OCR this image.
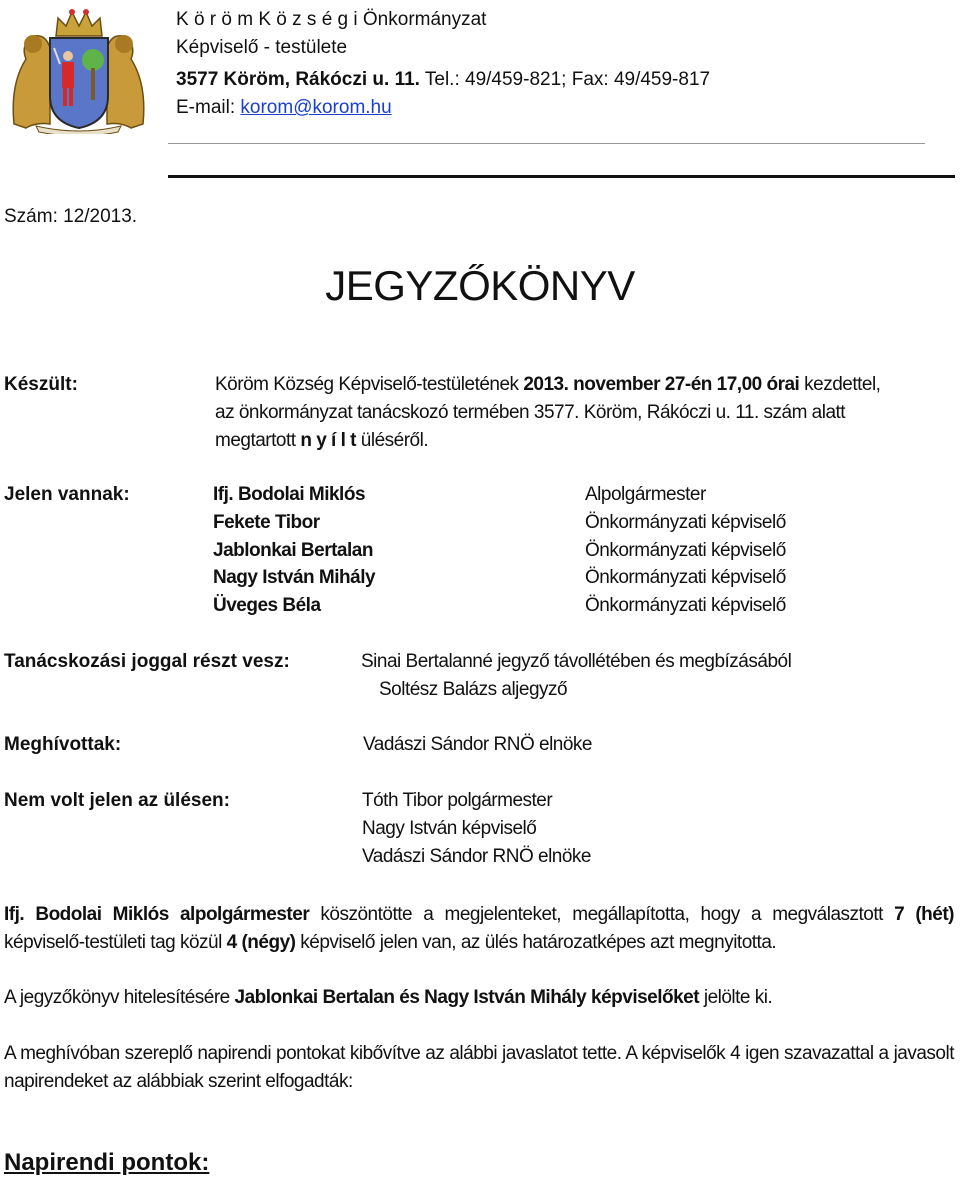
K ö r ö m K ö z s é g i Önkormányzat
Képviselő - testülete
3577 Köröm, Rákóczi u. 11. Tel.: 49/459-821; Fax: 49/459-817
E-mail: korom@korom.hu
Szám: 12/2013.
JEGYZŐKÖNYV
Készült:	Köröm Község Képviselő-testületének 2013. november 27-én 17,00 órai kezdettel,
az önkormányzat tanácskozó termében 3577. Köröm, Rákóczi u. 11. szám alatt
megtartott n y í l t üléséről.
Jelen vannak:	Ifj. Bodolai Miklós	Alpolgármester
Fekete Tibor	Önkormányzati képviselő
Jablonkai Bertalan	Önkormányzati képviselő
Nagy István Mihály	Önkormányzati képviselő
Üveges Béla	Önkormányzati képviselő
Tanácskozási joggal részt vesz:	Sinai Bertalanné jegyző távollétében és megbízásából
Soltész Balázs aljegyző
Meghívottak:	Vadászi Sándor RNÖ elnöke
Nem volt jelen az ülésen:	Tóth Tibor polgármester
Nagy István képviselő
Vadászi Sándor RNÖ elnöke
Ifj. Bodolai Miklós alpolgármester köszöntötte a megjelenteket, megállapította, hogy a megválasztott 7 (hét) képviselő-testületi tag közül 4 (négy) képviselő jelen van, az ülés határozatképes azt megnyitotta.
A jegyzőkönyv hitelesítésére Jablonkai Bertalan és Nagy István Mihály képviselőket jelölte ki.
A meghívóban szereplő napirendi pontokat kibővítve az alábbi javaslatot tette. A képviselők 4 igen szavazattal a javasolt napirendeket az alábbiak szerint elfogadták:
Napirendi pontok:
